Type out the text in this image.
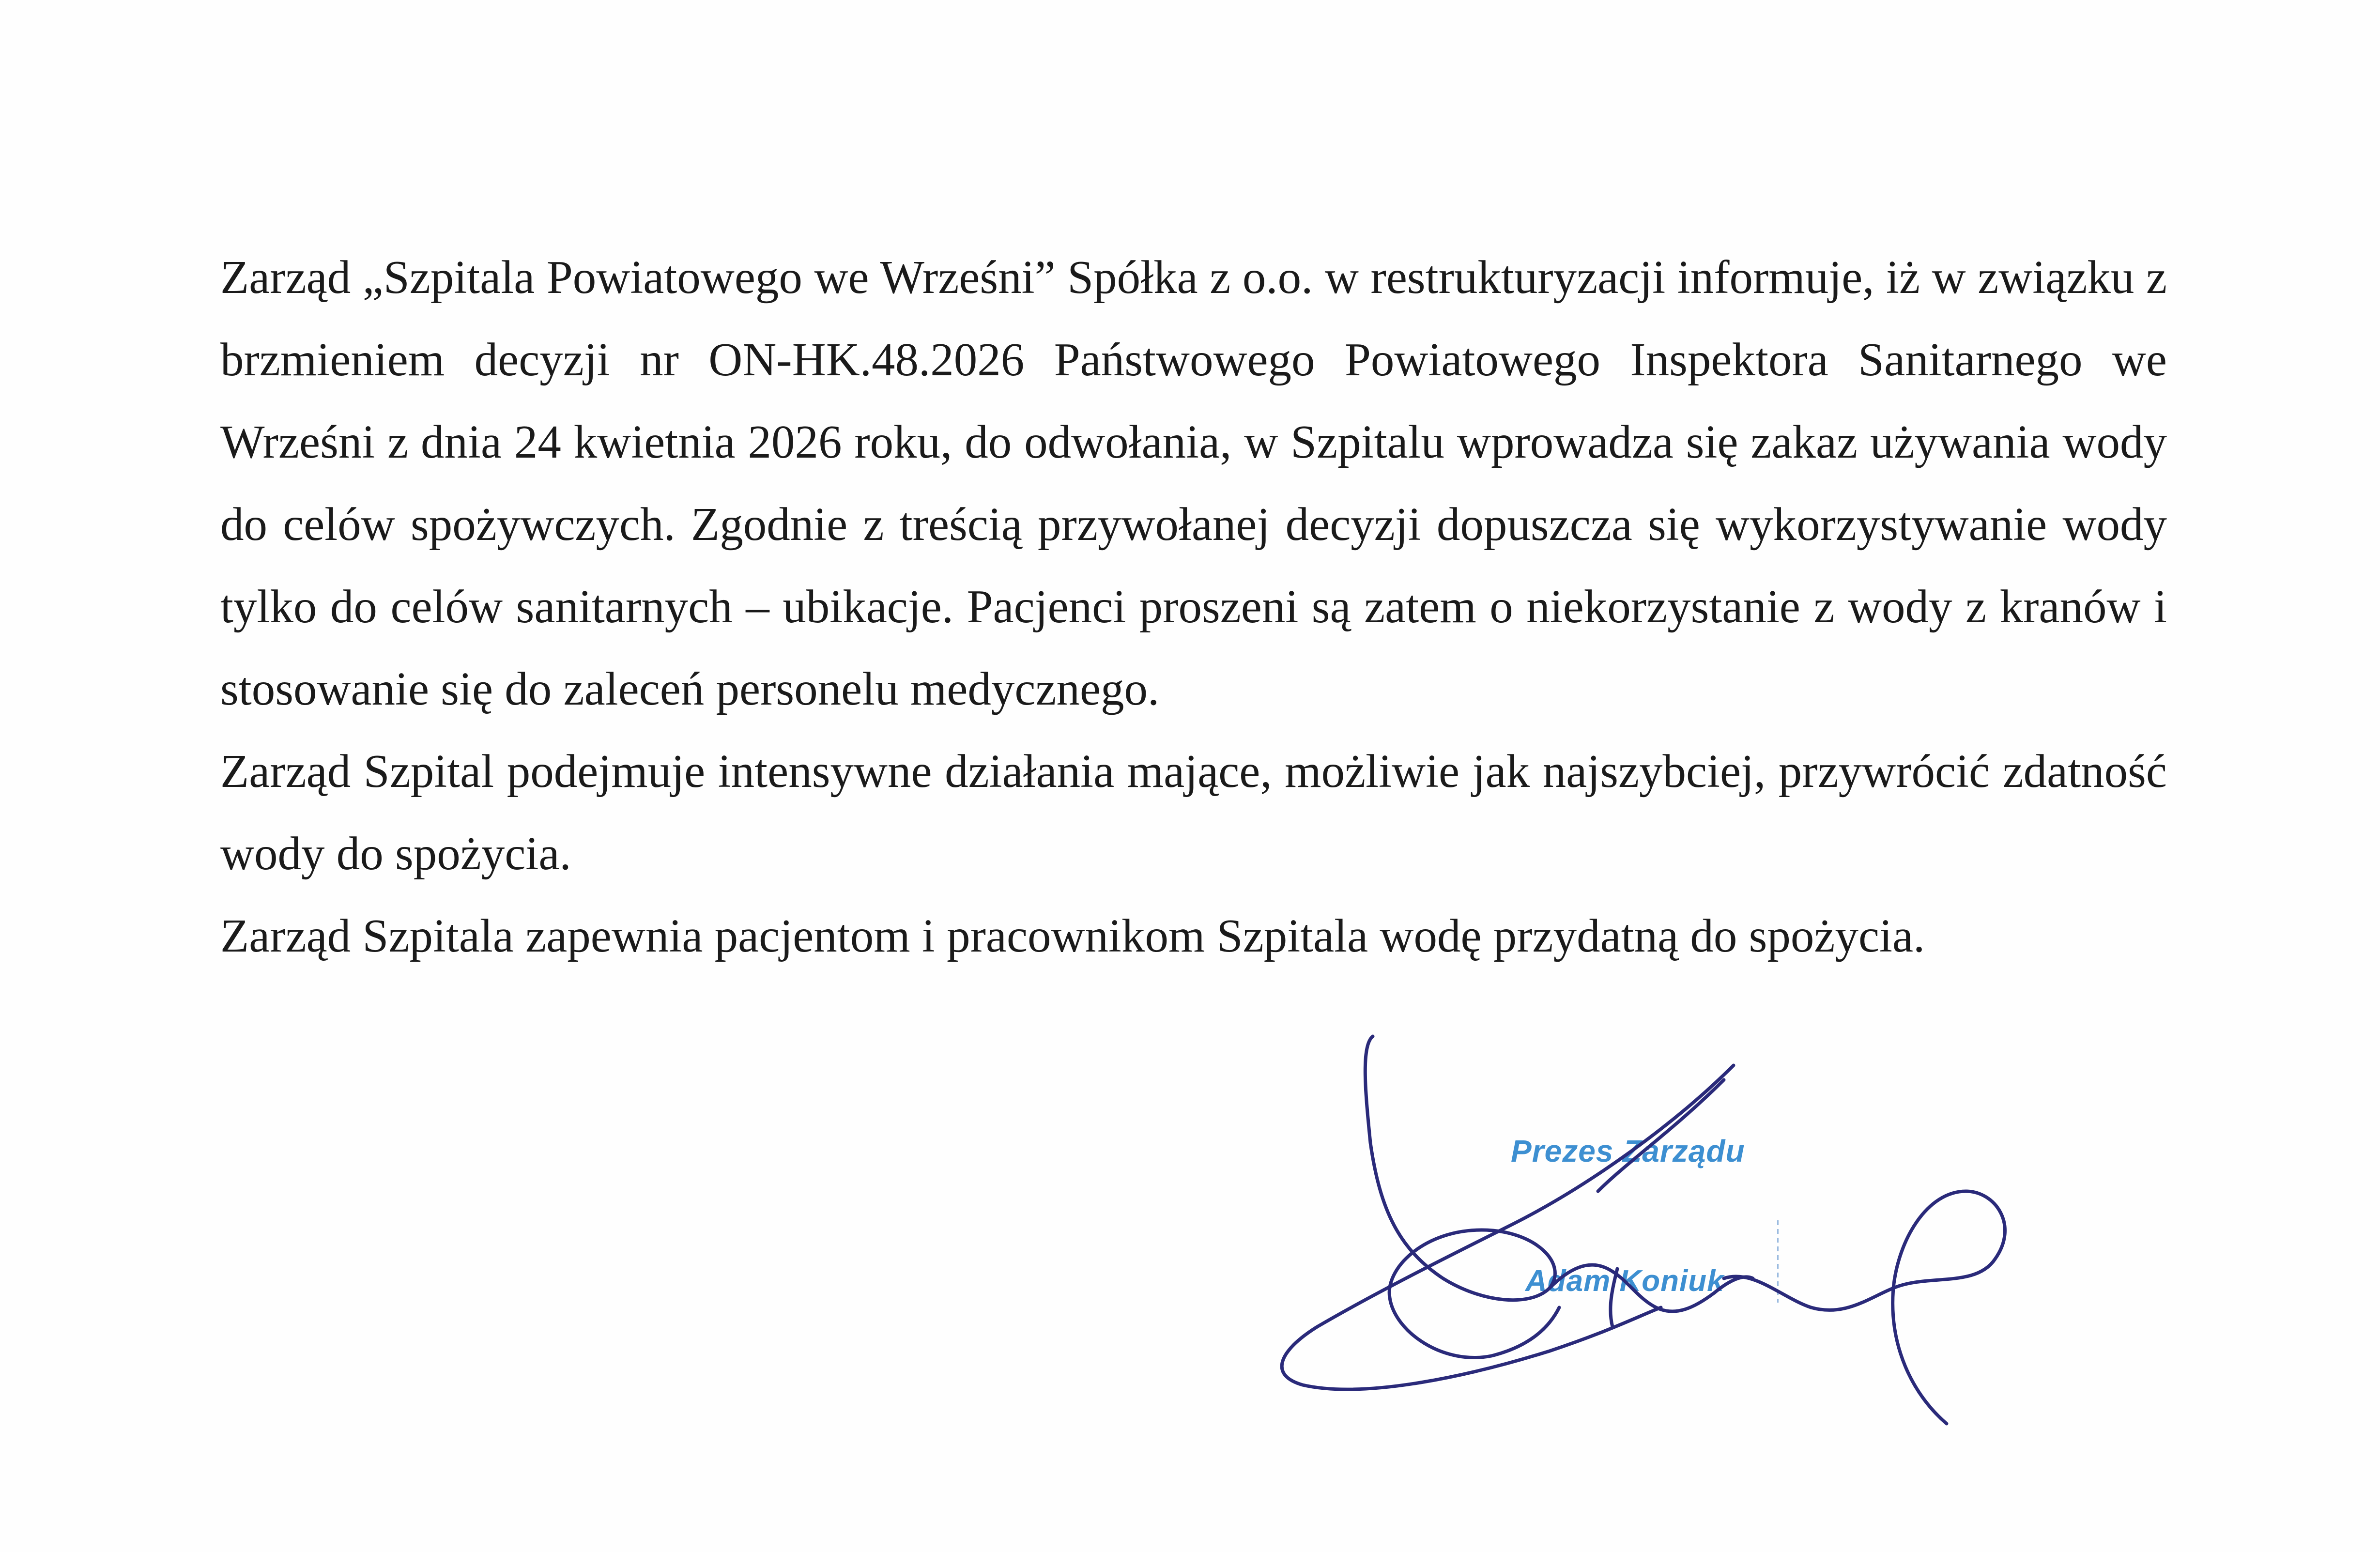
Zarząd „Szpitala Powiatowego we Wrześni” Spółka z o.o. w restrukturyzacji informuje, iż w związku z brzmieniem decyzji nr ON-HK.48.2026 Państwowego Powiatowego Inspektora Sanitarnego we Wrześni z dnia 24 kwietnia 2026 roku, do odwołania, w Szpitalu wprowadza się zakaz używania wody do celów spożywczych. Zgodnie z treścią przywołanej decyzji dopuszcza się wykorzystywanie wody tylko do celów sanitarnych – ubikacje. Pacjenci proszeni są zatem o niekorzystanie z wody z kranów i stosowanie się do zaleceń personelu medycznego.

Zarząd Szpital podejmuje intensywne działania mające, możliwie jak najszybciej, przywrócić zdatność wody do spożycia.

Zarząd Szpitala zapewnia pacjentom i pracownikom Szpitala wodę przydatną do spożycia.

Prezes Zarządu
Adam Koniuk
